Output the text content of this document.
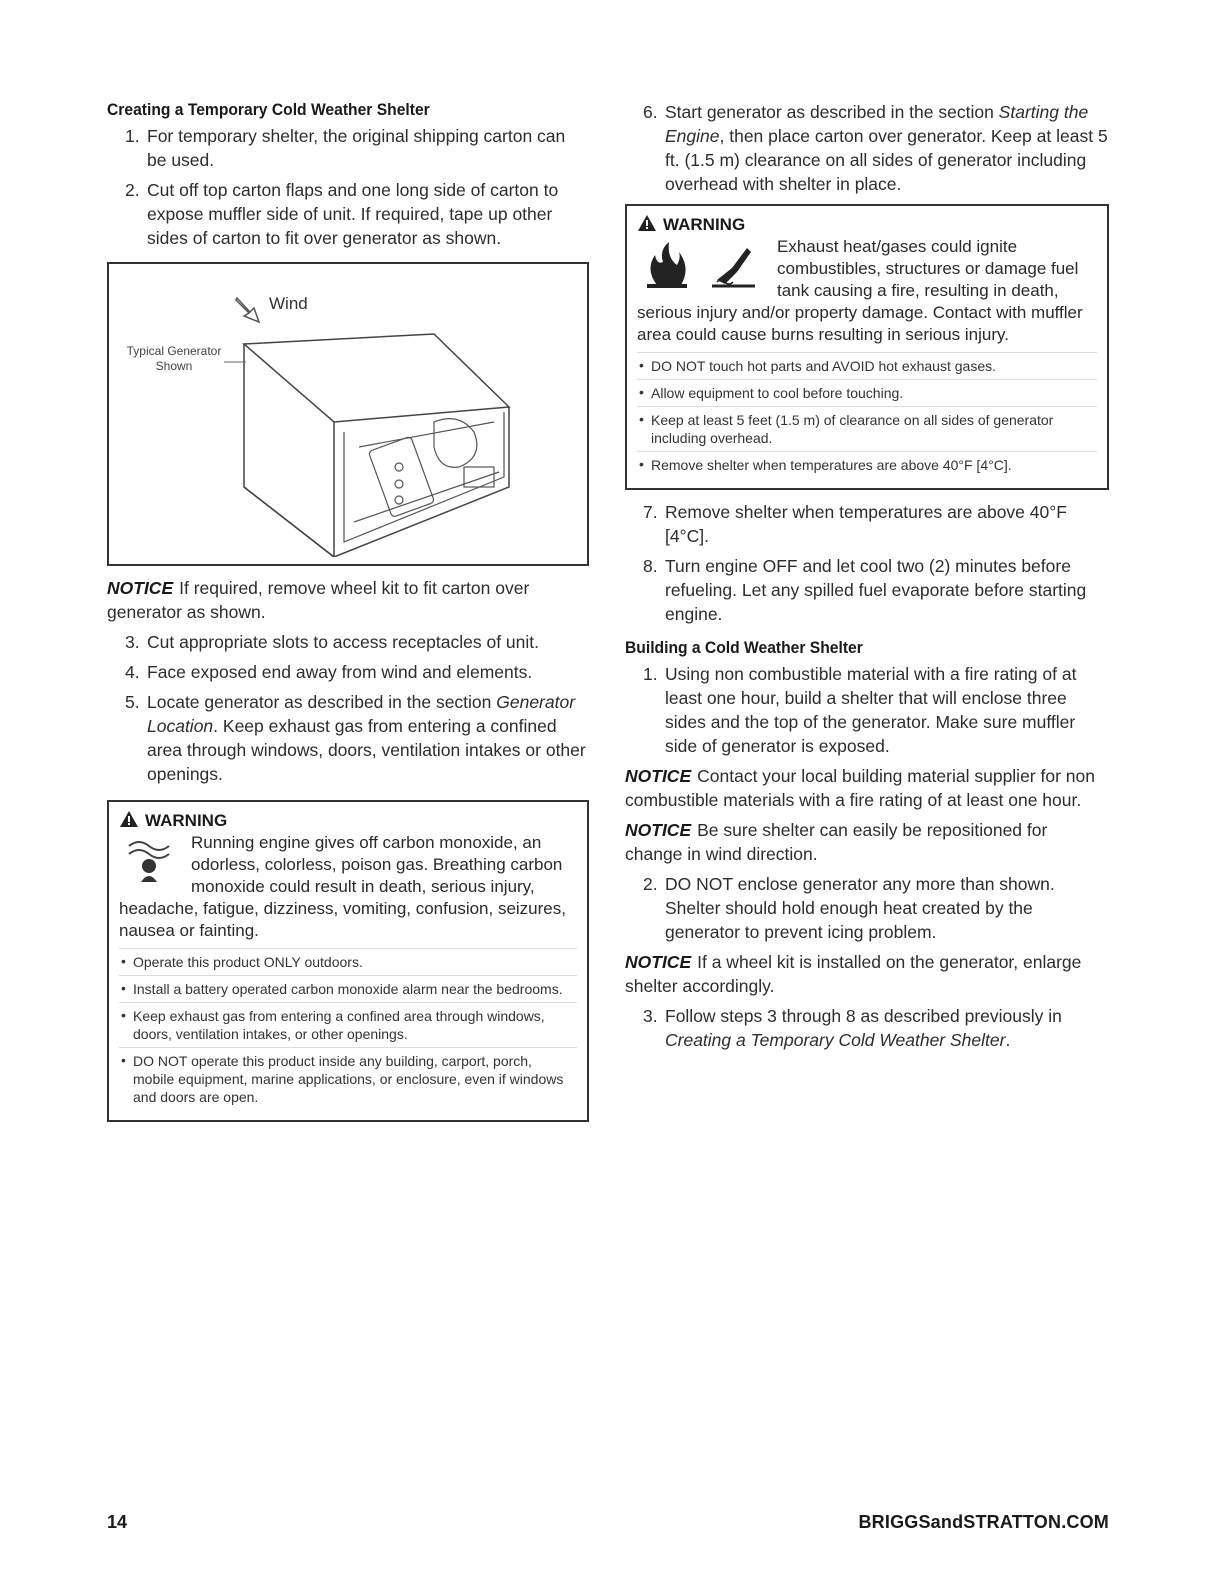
Creating a Temporary Cold Weather Shelter
1. For temporary shelter, the original shipping carton can be used.
2. Cut off top carton flaps and one long side of carton to expose muffler side of unit. If required, tape up other sides of carton to fit over generator as shown.
Wind
Typical Generator Shown
NOTICE If required, remove wheel kit to fit carton over generator as shown.
3. Cut appropriate slots to access receptacles of unit.
4. Face exposed end away from wind and elements.
5. Locate generator as described in the section Generator Location. Keep exhaust gas from entering a confined area through windows, doors, ventilation intakes or other openings.
WARNING
Running engine gives off carbon monoxide, an odorless, colorless, poison gas. Breathing carbon monoxide could result in death, serious injury, headache, fatigue, dizziness, vomiting, confusion, seizures, nausea or fainting.
• Operate this product ONLY outdoors.
• Install a battery operated carbon monoxide alarm near the bedrooms.
• Keep exhaust gas from entering a confined area through windows, doors, ventilation intakes, or other openings.
• DO NOT operate this product inside any building, carport, porch, mobile equipment, marine applications, or enclosure, even if windows and doors are open.
6. Start generator as described in the section Starting the Engine, then place carton over generator. Keep at least 5 ft. (1.5 m) clearance on all sides of generator including overhead with shelter in place.
WARNING
Exhaust heat/gases could ignite combustibles, structures or damage fuel tank causing a fire, resulting in death, serious injury and/or property damage. Contact with muffler area could cause burns resulting in serious injury.
• DO NOT touch hot parts and AVOID hot exhaust gases.
• Allow equipment to cool before touching.
• Keep at least 5 feet (1.5 m) of clearance on all sides of generator including overhead.
• Remove shelter when temperatures are above 40°F [4°C].
7. Remove shelter when temperatures are above 40°F [4°C].
8. Turn engine OFF and let cool two (2) minutes before refueling. Let any spilled fuel evaporate before starting engine.
Building a Cold Weather Shelter
1. Using non combustible material with a fire rating of at least one hour, build a shelter that will enclose three sides and the top of the generator. Make sure muffler side of generator is exposed.
NOTICE Contact your local building material supplier for non combustible materials with a fire rating of at least one hour.
NOTICE Be sure shelter can easily be repositioned for change in wind direction.
2. DO NOT enclose generator any more than shown. Shelter should hold enough heat created by the generator to prevent icing problem.
NOTICE If a wheel kit is installed on the generator, enlarge shelter accordingly.
3. Follow steps 3 through 8 as described previously in Creating a Temporary Cold Weather Shelter.
14	BRIGGSandSTRATTON.COM
